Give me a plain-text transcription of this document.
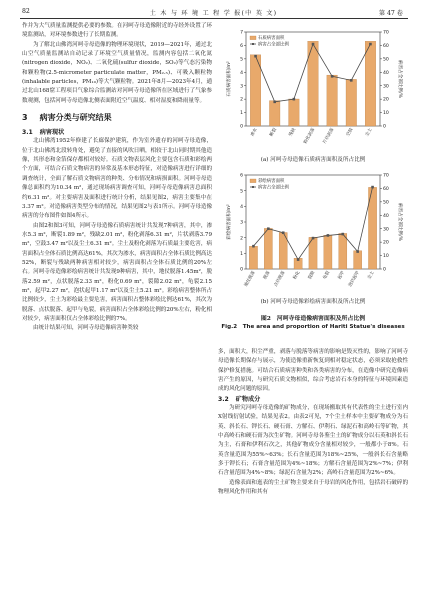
82	土 木 与 环 境 工 程 学 报(中 英 文)	第 47 卷

作并为大气质量监测提供必要的参数。在河呵寺母造像附近的寺经外设置了环境监测站，对环境参数进行了长期监测。

为了解北山佛湾河呵寺母造像的物理环境现状，2019—2021年，通过北山空气质量监测站自动记录了环境空气质量情况，监测内容包括二氧化氮(nitrogen dioxide，NO₂)、二氧化硫(sulfur dioxide，SO₂)等气态污染物和颗粒物(2.5-micrometer particulate matter，PM₂.₅)、可吸入颗粒物(inhalable particles，PM₁₀)等大气颗粒物。2021年8月—2023年4月，通过北山168窟工程项目气象综合监测站对河呵寺母造像所在区域进行了气象参数观测，包括河呵寺母造像北侧表面附近空气温度、相对湿度和降雨量等。

3 病害分类与研究结果
3.1 病害现状

北山佛湾1952年修建了长廊保护建筑，作为室外遗存的河呵寺母造像，位于北山佛湾北段转角处，避免了直接的风吹日晒，相较于北山同时期其他造像，其形态和金箔保存都相对较好。石质文物表层风化主要包含石质和彩绘两个方面，可结合石质文物病害的异常及基本形态特征，对造像病害进行详细的调查统计，全面了解石质文物病害的种类、分布情况和病损面积。河呵寺母造像总面积约为10.34 m²，通过现场病害调查可知，河呵寺母造像病害总面积约6.31 m²。对主要病害及面积进行统计分析，结果见图2，病害主要集中在3.37 m²。对造像病害类型分布的情况，结果见图2与表1所示。河呵寺母造像病害的分布图件如图4所示。

由图2和图3可知，河呵寺母造像石质病害统计共发现7种病害，其中，渗水5.3 m²，断裂1.89 m²，残缺2.01 m²，粉化剥落6.31 m²，片状剥落3.79 m²，空鼓3.47 m²以及尘土6.31 m²。尘土及粉化剥落为石质最主要危害，病害面积占全体石质比例高达61%，其次为渗水，病害面积占全体石质比例高达52%，断裂与残缺两种病害相对较少，病害面积占全体石质比例的20%左右。河呵寺母造像彩绘病害统计共发现9种病害，其中，地仗脱落1.45m²，脱落2.59 m²，点状脱落2.33 m²，粉化0.69 m²，裂隙2.02 m²，龟裂2.15 m²，起甲2.27 m²，泡状起甲1.17 m²以及尘土5.21 m²。彩绘病害整体所占比例较少，尘土为彩绘最主要危害，病害面积占整体彩绘比例达61%，其次为脱落、点状脱落、起甲与龟裂，病害面积占全体彩绘比例的20%左右，粉化相对较少，病害面积仅占全体彩绘比例的7%。

由统计结果可知，河呵寺母造像病害种类较

0
1
2
3
4
5
6
7
0
10
20
30
40
50
60
70
石质病害面积/m²	病害占全部比例/%
渗水	断裂	残缺	粉化剥落	片状剥落	空鼓	尘土
石质病害面积
病害占全部比例
(a) 河呵寺母造像石质病害面积及所占比例
0
1
2
3
4
5
6
0
10
20
30
40
50
60
70
彩绘病害面积/m²	病害占全部比例/%
地仗脱落	脱落 点状脱落	粉化	裂隙	龟裂	起甲 泡状起甲	尘土
彩绘病害面积
病害占全部比例
(b) 河呵寺母造像彩绘病害面积及所占比例
图2　河呵寺母造像病害面积及所占比例
Fig.2　The area and proportion of Hariti Statue's diseases

多，面积大，积尘严重，剥落与脱落等病害的影响是毁灭性的，影响了河呵寺母造像长期保存与展示，为使造像重新恢复到相对稳定状态，必须采取抢救性保护修复措施。可结合石质病害种类和各类病害的分布，在造像中研究造像病害产生的原因，与研究石质文物相似，综合考虑岩石本身的特征与环境因素造成的风化问题的原因。

3.2 矿物成分

为研究河呵寺母造像的矿物成分，在现场搬取其有代表性的尘土进行室内X射线衍射试验，结果见表2。由表2可见，7个尘土样本中主要矿物成分为石英、斜长石、钾长石、硬石膏、方解石、伊利石、绿泥石和高岭石等矿物，其中高岭石和硬石膏为次生矿物。河呵寺母各鉴尘土的矿物成分以石英和斜长石为主，石膏和伊利石次之，其他矿物成分含量相对较少，一般都小于8%。石英含量范围为55%~63%；长石含量范围为18%~25%，一般斜长石含量略多于钾长石；石膏含量范围为4%~18%；方解石含量范围为2%~7%；伊利石含量范围为4%~8%；绿泥石含量为2%；高岭石含量范围为2%~6%。

造像表面和迤表的尘土矿物主要来自于母岩的风化作用，包括岩石破碎的物理风化作用和其有
